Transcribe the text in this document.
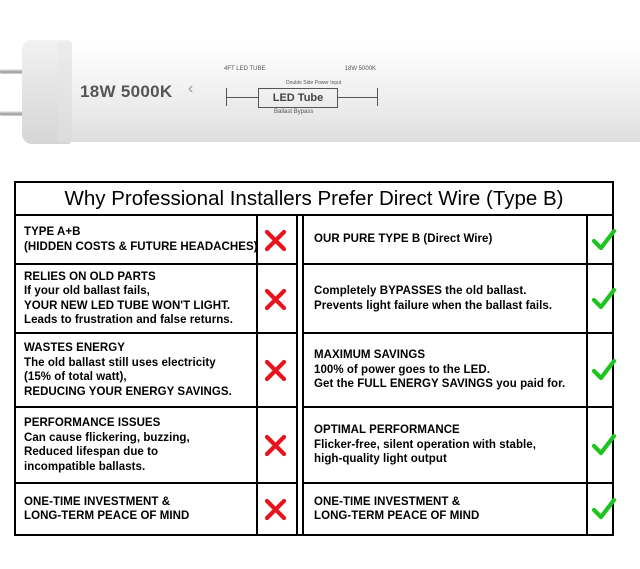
18W 5000K ‹
4FT LED TUBE	18W 5000K
Double Side Power Input
LED Tube
Ballast Bypass
Why Professional Installers Prefer Direct Wire (Type B)
TYPE A+B
(HIDDEN COSTS & FUTURE HEADACHES)
RELIES ON OLD PARTS
If your old ballast fails,
YOUR NEW LED TUBE WON'T LIGHT.
Leads to frustration and false returns.
WASTES ENERGY
The old ballast still uses electricity
(15% of total watt),
REDUCING YOUR ENERGY SAVINGS.
PERFORMANCE ISSUES
Can cause flickering, buzzing,
Reduced lifespan due to
incompatible ballasts.
ONE-TIME INVESTMENT &
LONG-TERM PEACE OF MIND
OUR PURE TYPE B (Direct Wire)
Completely BYPASSES the old ballast.
Prevents light failure when the ballast fails.
MAXIMUM SAVINGS
100% of power goes to the LED.
Get the FULL ENERGY SAVINGS you paid for.
OPTIMAL PERFORMANCE
Flicker-free, silent operation with stable,
high-quality light output
ONE-TIME INVESTMENT &
LONG-TERM PEACE OF MIND
